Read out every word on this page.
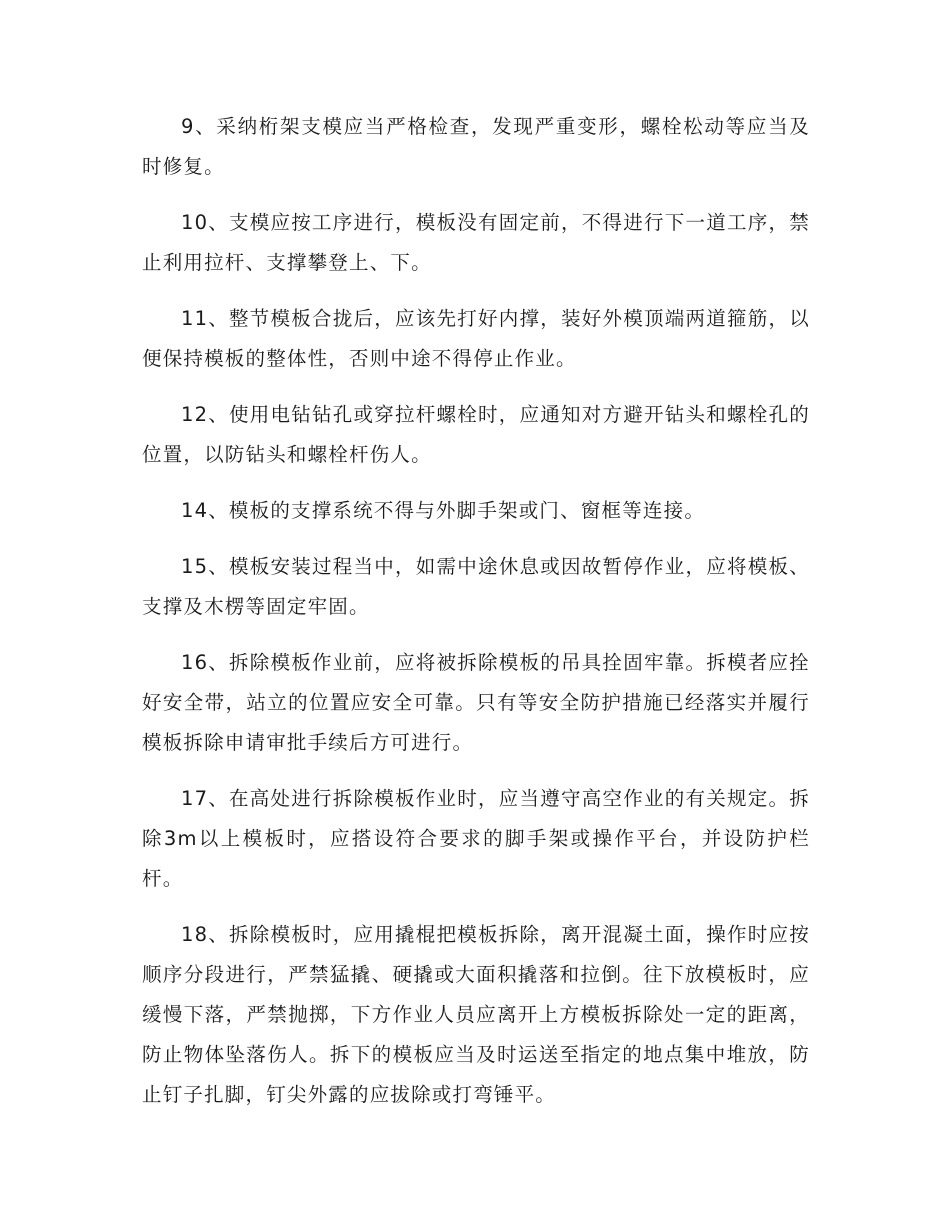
9、采纳桁架支模应当严格检查，发现严重变形，螺栓松动等应当及时修复。

10、支模应按工序进行，模板没有固定前，不得进行下一道工序，禁止利用拉杆、支撑攀登上、下。

11、整节模板合拢后，应该先打好内撑，装好外模顶端两道箍筋，以便保持模板的整体性，否则中途不得停止作业。

12、使用电钻钻孔或穿拉杆螺栓时，应通知对方避开钻头和螺栓孔的位置，以防钻头和螺栓杆伤人。

14、模板的支撑系统不得与外脚手架或门、窗框等连接。

15、模板安装过程当中，如需中途休息或因故暂停作业，应将模板、支撑及木楞等固定牢固。

16、拆除模板作业前，应将被拆除模板的吊具拴固牢靠。拆模者应拴好安全带，站立的位置应安全可靠。只有等安全防护措施已经落实并履行模板拆除申请审批手续后方可进行。

17、在高处进行拆除模板作业时，应当遵守高空作业的有关规定。拆除3m以上模板时，应搭设符合要求的脚手架或操作平台，并设防护栏杆。

18、拆除模板时，应用撬棍把模板拆除，离开混凝土面，操作时应按顺序分段进行，严禁猛撬、硬撬或大面积撬落和拉倒。往下放模板时，应缓慢下落，严禁抛掷，下方作业人员应离开上方模板拆除处一定的距离，防止物体坠落伤人。拆下的模板应当及时运送至指定的地点集中堆放，防止钉子扎脚，钉尖外露的应拔除或打弯锤平。
